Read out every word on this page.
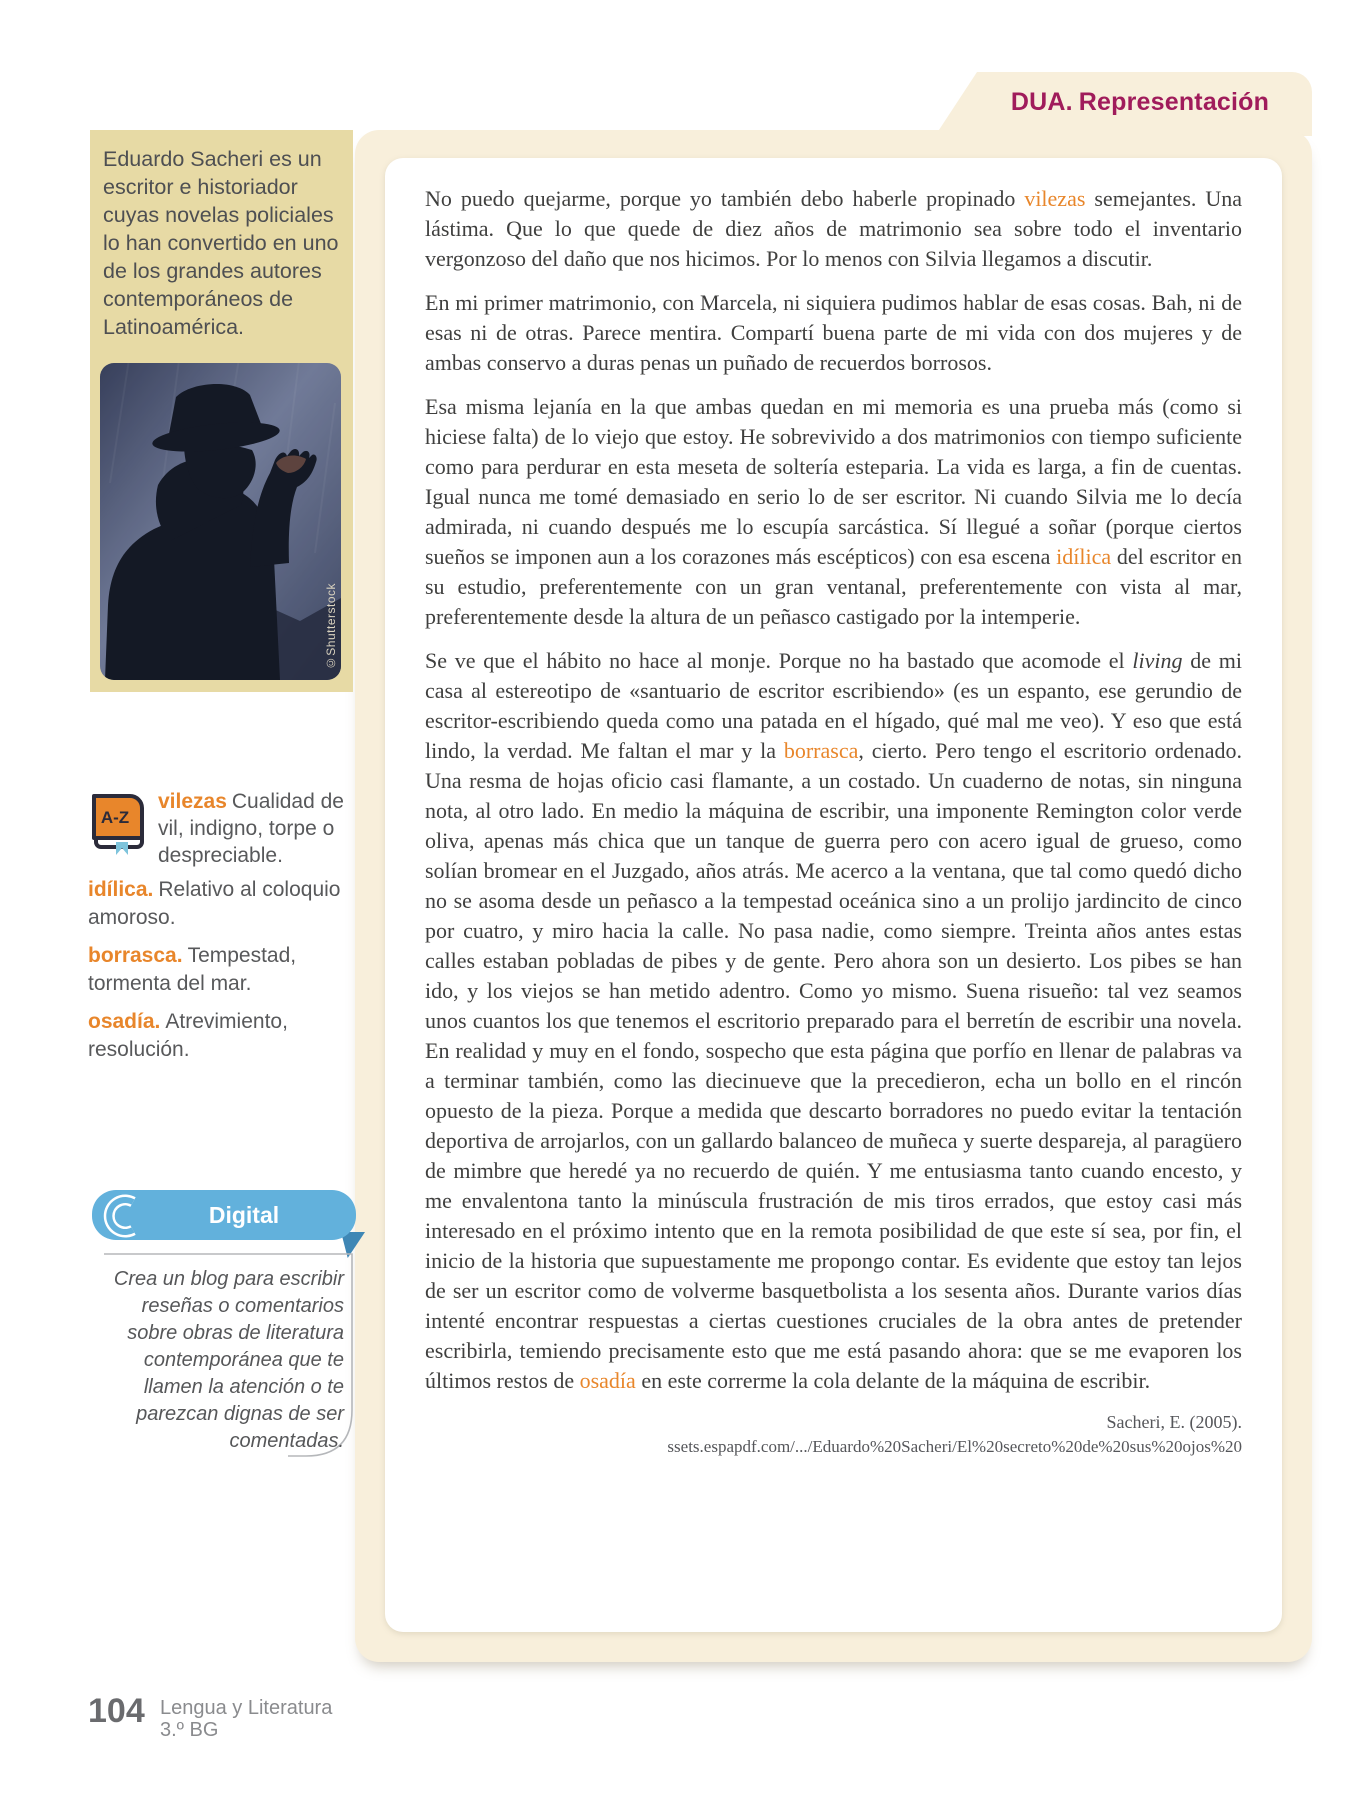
DUA. Representación

No puedo quejarme, porque yo también debo haberle propinado vilezas semejantes. Una lástima. Que lo que quede de diez años de matrimonio sea sobre todo el inventario vergonzoso del daño que nos hicimos. Por lo menos con Silvia llegamos a discutir.

En mi primer matrimonio, con Marcela, ni siquiera pudimos hablar de esas cosas. Bah, ni de esas ni de otras. Parece mentira. Compartí buena parte de mi vida con dos mujeres y de ambas conservo a duras penas un puñado de recuerdos borrosos.

Esa misma lejanía en la que ambas quedan en mi memoria es una prueba más (como si hiciese falta) de lo viejo que estoy. He sobrevivido a dos matrimonios con tiempo suficiente como para perdurar en esta meseta de soltería esteparia. La vida es larga, a fin de cuentas. Igual nunca me tomé demasiado en serio lo de ser escritor. Ni cuando Silvia me lo decía admirada, ni cuando después me lo escupía sarcástica. Sí llegué a soñar (porque ciertos sueños se imponen aun a los corazones más escépticos) con esa escena idílica del escritor en su estudio, preferentemente con un gran ventanal, preferentemente con vista al mar, preferentemente desde la altura de un peñasco castigado por la intemperie.

Se ve que el hábito no hace al monje. Porque no ha bastado que acomode el living de mi casa al estereotipo de «santuario de escritor escribiendo» (es un espanto, ese gerundio de escritor-escribiendo queda como una patada en el hígado, qué mal me veo). Y eso que está lindo, la verdad. Me faltan el mar y la borrasca, cierto. Pero tengo el escritorio ordenado. Una resma de hojas oficio casi flamante, a un costado. Un cuaderno de notas, sin ninguna nota, al otro lado. En medio la máquina de escribir, una imponente Remington color verde oliva, apenas más chica que un tanque de guerra pero con acero igual de grueso, como solían bromear en el Juzgado, años atrás. Me acerco a la ventana, que tal como quedó dicho no se asoma desde un peñasco a la tempestad oceánica sino a un prolijo jardincito de cinco por cuatro, y miro hacia la calle. No pasa nadie, como siempre. Treinta años antes estas calles estaban pobladas de pibes y de gente. Pero ahora son un desierto. Los pibes se han ido, y los viejos se han metido adentro. Como yo mismo. Suena risueño: tal vez seamos unos cuantos los que tenemos el escritorio preparado para el berretín de escribir una novela. En realidad y muy en el fondo, sospecho que esta página que porfío en llenar de palabras va a terminar también, como las diecinueve que la precedieron, echa un bollo en el rincón opuesto de la pieza. Porque a medida que descarto borradores no puedo evitar la tentación deportiva de arrojarlos, con un gallardo balanceo de muñeca y suerte despareja, al paragüero de mimbre que heredé ya no recuerdo de quién. Y me entusiasma tanto cuando encesto, y me envalentona tanto la minúscula frustración de mis tiros errados, que estoy casi más interesado en el próximo intento que en la remota posibilidad de que este sí sea, por fin, el inicio de la historia que supuestamente me propongo contar. Es evidente que estoy tan lejos de ser un escritor como de volverme basquetbolista a los sesenta años. Durante varios días intenté encontrar respuestas a ciertas cuestiones cruciales de la obra antes de pretender escribirla, temiendo precisamente esto que me está pasando ahora: que se me evaporen los últimos restos de osadía en este correrme la cola delante de la máquina de escribir.

Sacheri, E. (2005).
ssets.espapdf.com/.../Eduardo%20Sacheri/El%20secreto%20de%20sus%20ojos%20

Eduardo Sacheri es un escritor e historiador cuyas novelas policiales lo han convertido en uno de los grandes autores contemporáneos de Latinoamérica.

©Shutterstock
A-Z

vilezas Cualidad de vil, indigno, torpe o despreciable.

idílica. Relativo al coloquio amoroso.

borrasca. Tempestad, tormenta del mar.

osadía. Atrevimiento, resolución.

Digital

Crea un blog para escribir reseñas o comentarios sobre obras de literatura contemporánea que te llamen la atención o te parezcan dignas de ser comentadas.

104 Lengua y Literatura
3.º BG
